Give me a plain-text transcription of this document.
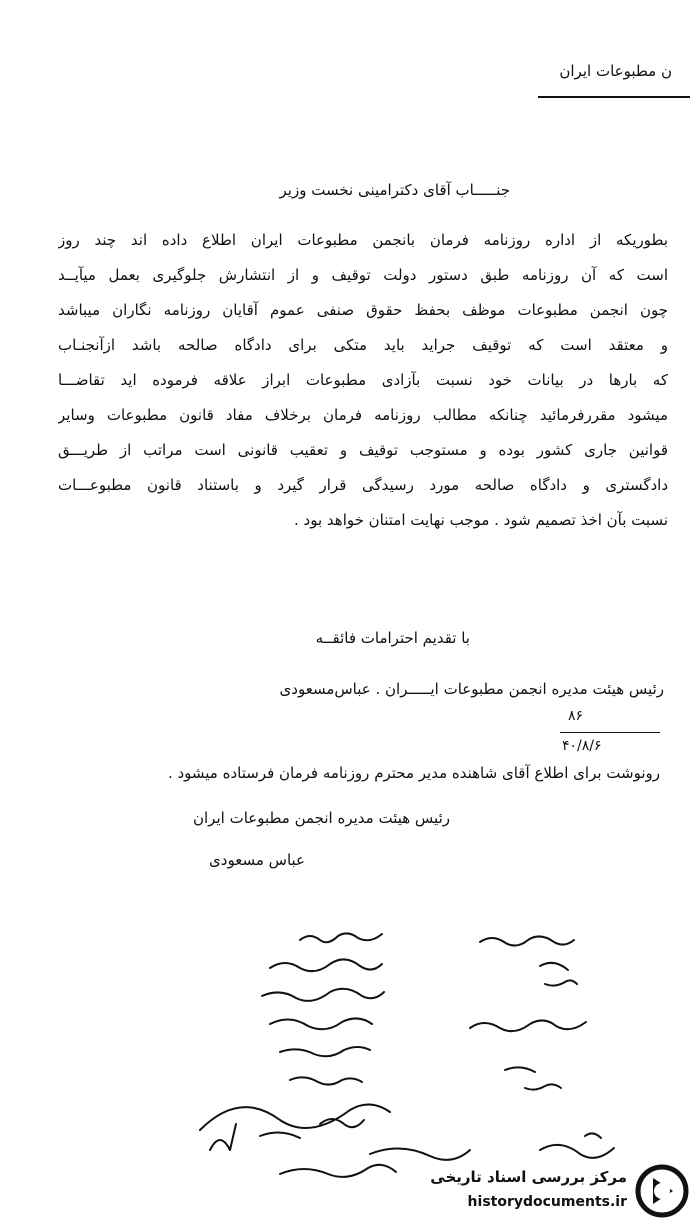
ن مطبوعات ایران
جنـــــاب آقای دکترامینی نخست وزیر
بطوریکه از اداره روزنامه فرمان بانجمن مطبوعات ایران اطلاع داده اند چند روز
است که آن روزنامه طبق دستور دولت توقیف و از انتشارش جلوگیری بعمل میآیــد
چون انجمن مطبوعات موظف بحفظ حقوق صنفی عموم آقایان روزنامه نگاران میباشد
و معتقد است که توقیف جراید باید متکی برای دادگاه صالحه باشد ازآنجنـاب
که بارها در بیانات خود نسبت بآزادی مطبوعات ابراز علاقه فرموده اید تقاضـــا
میشود مقررفرمائید چنانکه مطالب روزنامه فرمان برخلاف مفاد قانون مطبوعات وسایر
قوانین جاری کشور بوده و مستوجب توقیف و تعقیب قانونی است مراتب از طریـــق
دادگستری و دادگاه صالحه مورد رسیدگی قرار گیرد و باستناد قانون مطبوعـــات
نسبت بآن اخذ تصمیم شود . موجب نهایت امتنان خواهد بود .
با تقدیم احترامات فائقــه
رئیس هیئت مدیره انجمن مطبوعات ایـــــران . عباس‌مسعودی
۸۶
۴۰/۸/۶
رونوشت برای اطلاع آقای شاهنده مدیر محترم روزنامه فرمان فرستاده میشود .
رئیس هیئت مدیره انجمن مطبوعات ایران
عباس مسعودی
مرکز بررسی اسناد تاریخی
historydocuments.ir
